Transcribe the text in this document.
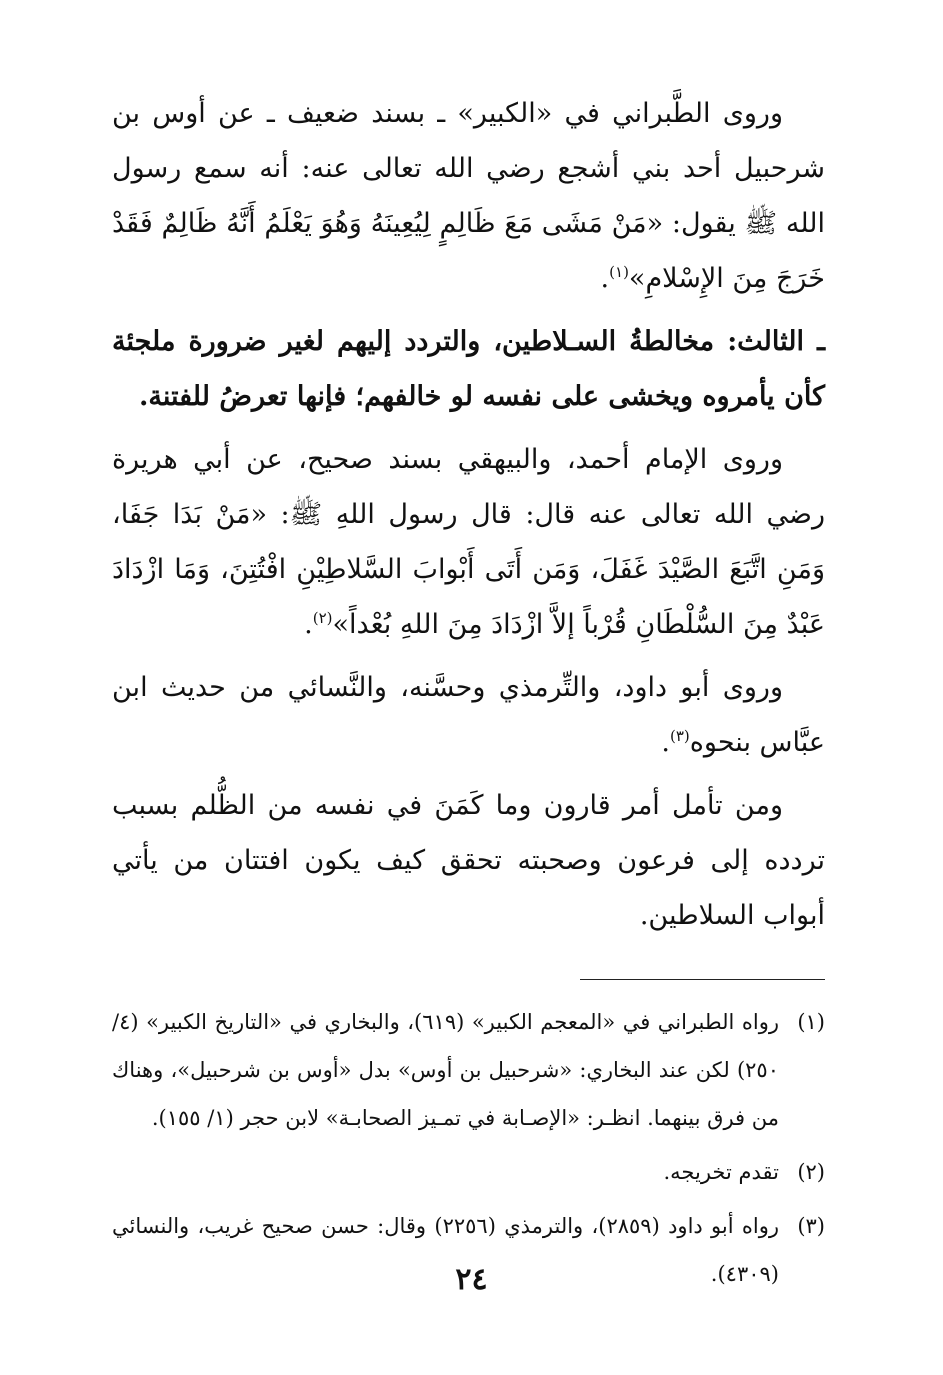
وروى الطَّبراني في «الكبير» ـ بسند ضعيف ـ عن أوس بن شرحبيل أحد بني أشجع رضي الله تعالى عنه: أنه سمع رسول الله ﷺ يقول: «مَنْ مَشَى مَعَ ظَالِمٍ لِيُعِينَهُ وَهُوَ يَعْلَمُ أَنَّهُ ظَالِمٌ فَقَدْ خَرَجَ مِنَ الإِسْلامِ»$^{(١)}$.

ـ الثالث: مخالطةُ السـلاطين، والتردد إليهم لغير ضرورة ملجئة كأن يأمروه ويخشى على نفسه لو خالفهم؛ فإنها تعرضُ للفتنة.

وروى الإمام أحمد، والبيهقي بسند صحيح، عن أبي هريرة رضي الله تعالى عنه قال: قال رسول اللهِ ﷺ: «مَنْ بَدَا جَفَا، وَمَنِ اتَّبَعَ الصَّيْدَ غَفَلَ، وَمَن أَتَى أَبْوابَ السَّلاطِيْنِ افْتُتِنَ، وَمَا ازْدَادَ عَبْدٌ مِنَ السُّلْطَانِ قُرْباً إلاَّ ازْدَادَ مِنَ اللهِ بُعْداً»$^{(٢)}$.

وروى أبو داود، والتِّرمذي وحسَّنه، والنَّسائي من حديث ابن عبَّاس بنحوه$^{(٣)}$.

ومن تأمل أمر قارون وما كَمَنَ في نفسه من الظُّلم بسبب تردده إلى فرعون وصحبته تحقق كيف يكون افتتان من يأتي أبواب السلاطين.

(١)
رواه الطبراني في «المعجم الكبير» (٦١٩)، والبخاري في «التاريخ الكبير» (٤/ ٢٥٠) لكن عند البخاري: «شرحبيل بن أوس» بدل «أوس بن شرحبيل»، وهناك من فرق بينهما. انظـر: «الإصـابة في تمـيز الصحابـة» لابن حجر (١/ ١٥٥).
(٢)
تقدم تخريجه.
(٣)
رواه أبو داود (٢٨٥٩)، والترمذي (٢٢٥٦) وقال: حسن صحيح غريب، والنسائي (٤٣٠٩).
٢٤
